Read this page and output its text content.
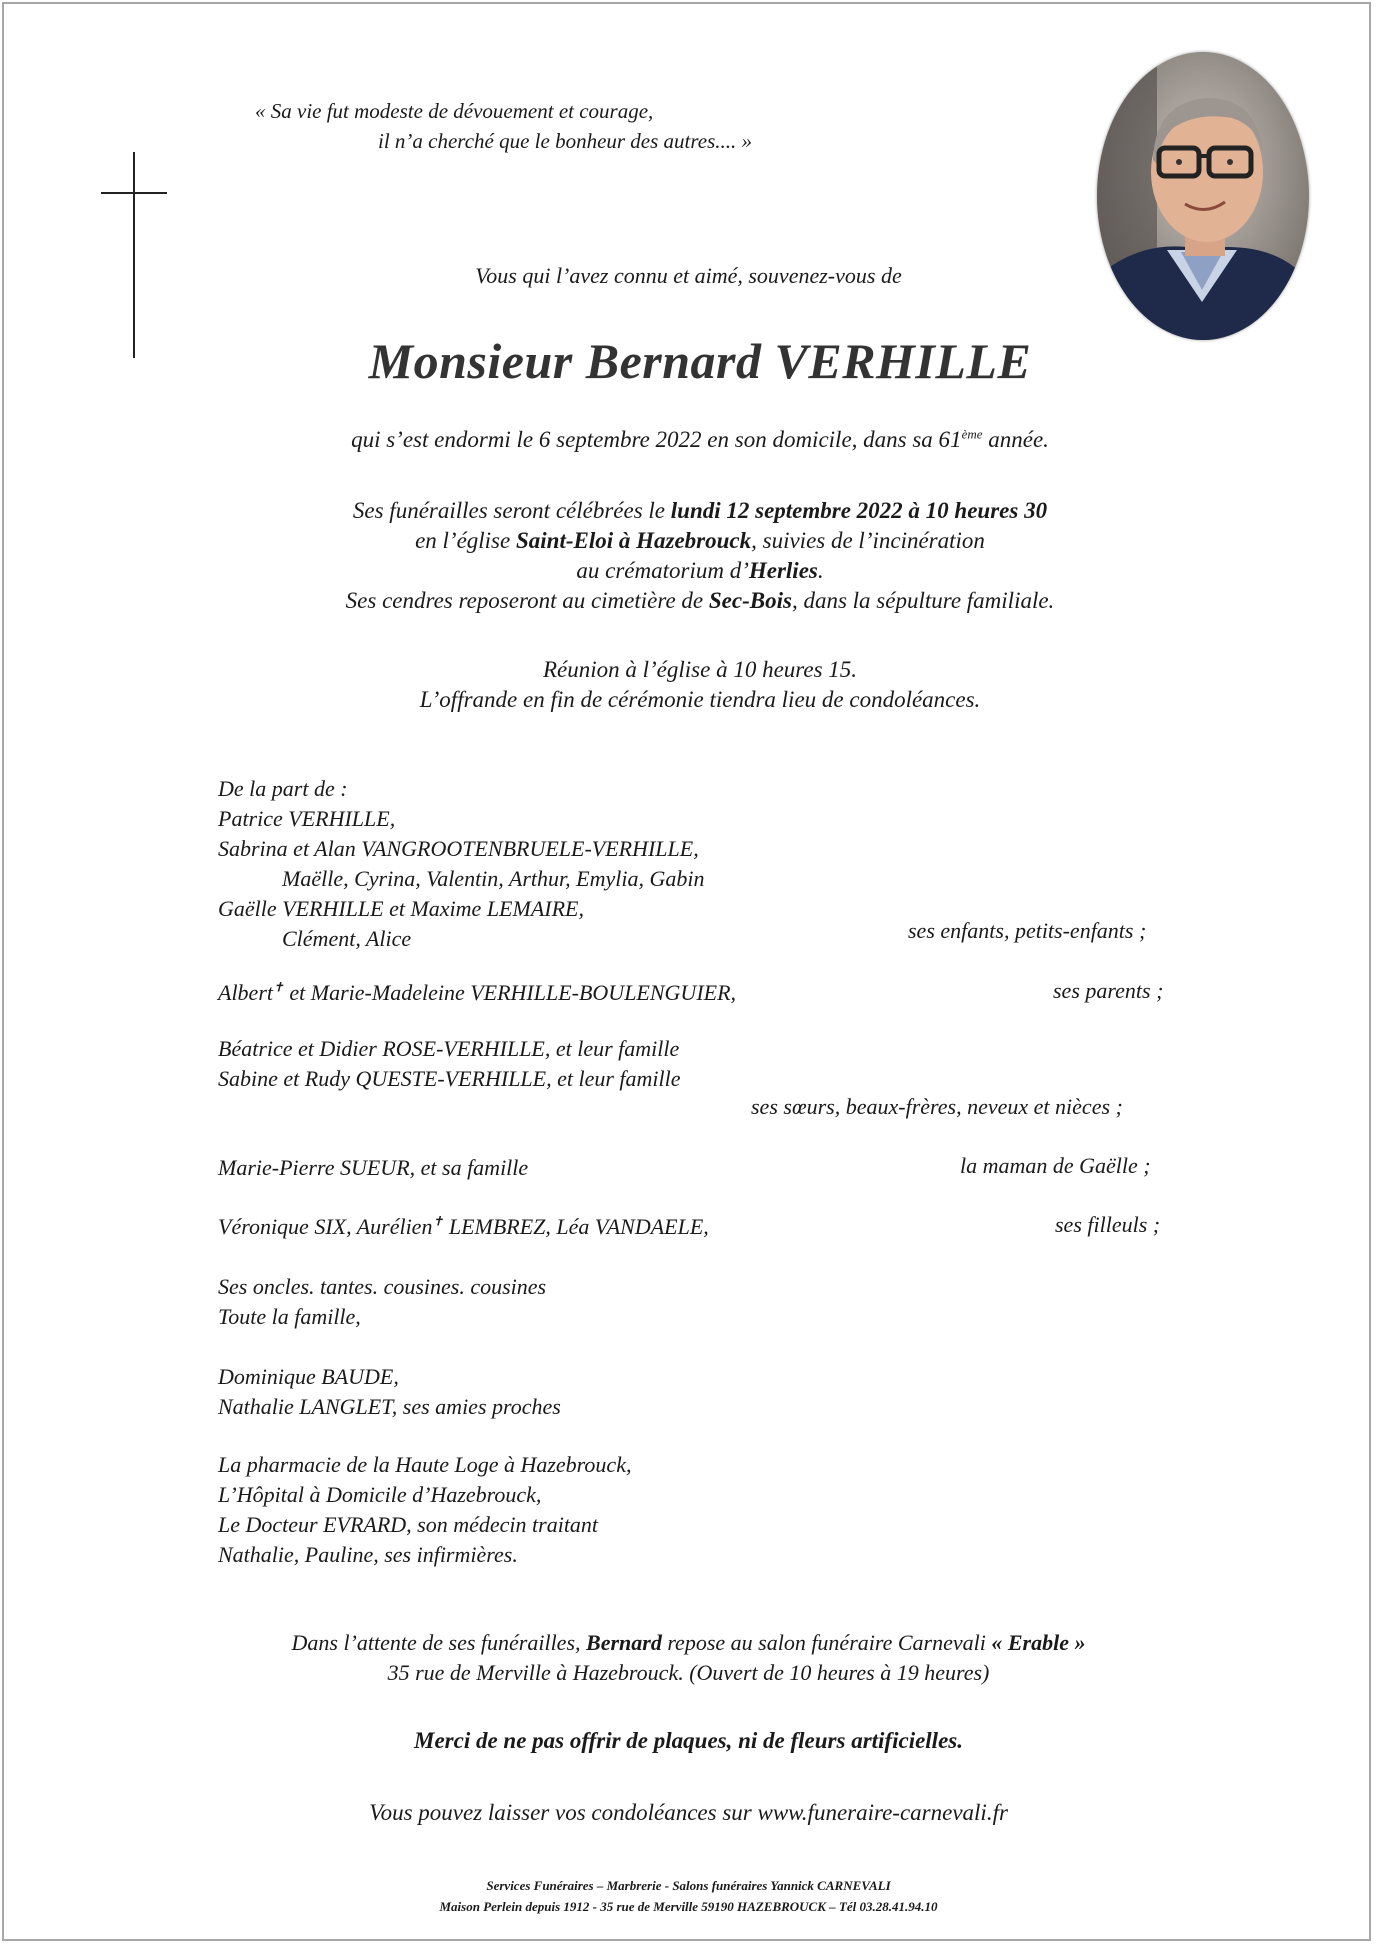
« Sa vie fut modeste de dévouement et courage,
il n’a cherché que le bonheur des autres.... »
Vous qui l’avez connu et aimé, souvenez-vous de
Monsieur Bernard VERHILLE
qui s’est endormi le 6 septembre 2022 en son domicile, dans sa 61ème année.
Ses funérailles seront célébrées le lundi 12 septembre 2022 à 10 heures 30
en l’église Saint-Eloi à Hazebrouck, suivies de l’incinération
au crématorium d’Herlies.
Ses cendres reposeront au cimetière de Sec-Bois, dans la sépulture familiale.
Réunion à l’église à 10 heures 15.
L’offrande en fin de cérémonie tiendra lieu de condoléances.
De la part de :
Patrice VERHILLE,
Sabrina et Alan VANGROOTENBRUELE-VERHILLE,
Maëlle, Cyrina, Valentin, Arthur, Emylia, Gabin
Gaëlle VERHILLE et Maxime LEMAIRE,
Clément, Alice	ses enfants, petits-enfants ;
Albert✝ et Marie-Madeleine VERHILLE-BOULENGUIER,	ses parents ;
Béatrice et Didier ROSE-VERHILLE, et leur famille
Sabine et Rudy QUESTE-VERHILLE, et leur famille
ses sœurs, beaux-frères, neveux et nièces ;
Marie-Pierre SUEUR, et sa famille	la maman de Gaëlle ;
Véronique SIX, Aurélien✝ LEMBREZ, Léa VANDAELE,	ses filleuls ;
Ses oncles. tantes. cousines. cousines
Toute la famille,
Dominique BAUDE,
Nathalie LANGLET, ses amies proches
La pharmacie de la Haute Loge à Hazebrouck,
L’Hôpital à Domicile d’Hazebrouck,
Le Docteur EVRARD, son médecin traitant
Nathalie, Pauline, ses infirmières.
Dans l’attente de ses funérailles, Bernard repose au salon funéraire Carnevali « Erable »
35 rue de Merville à Hazebrouck. (Ouvert de 10 heures à 19 heures)
Merci de ne pas offrir de plaques, ni de fleurs artificielles.
Vous pouvez laisser vos condoléances sur www.funeraire-carnevali.fr
Services Funéraires – Marbrerie - Salons funéraires Yannick CARNEVALI
Maison Perlein depuis 1912 - 35 rue de Merville 59190 HAZEBROUCK – Tél 03.28.41.94.10
